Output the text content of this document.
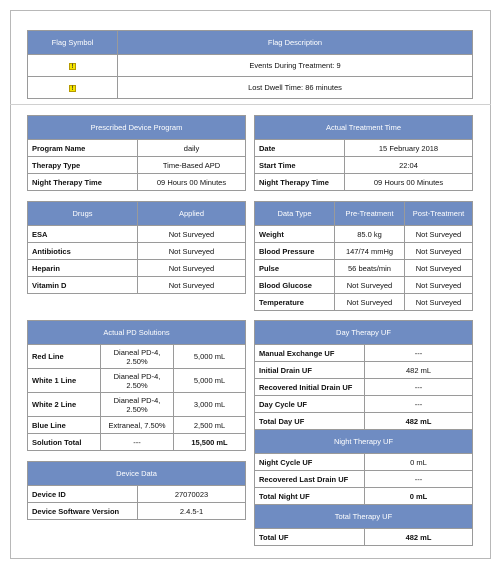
Flag Symbol	Flag Description
!	Events During Treatment: 9
!	Lost Dwell Time: 86 minutes
Prescribed Device Program	
Program Name	daily
Therapy Type	Time-Based APD
Night Therapy Time	09 Hours 00 Minutes
Actual Treatment Time	
Date	15 February 2018
Start Time	22:04
Night Therapy Time	09 Hours 00 Minutes
Drugs	Applied
ESA	Not Surveyed
Antibiotics	Not Surveyed
Heparin	Not Surveyed
Vitamin D	Not Surveyed
Data Type	Pre-Treatment	Post-Treatment
Weight	85.0 kg	Not Surveyed
Blood Pressure	147/74 mmHg	Not Surveyed
Pulse	56 beats/min	Not Surveyed
Blood Glucose	Not Surveyed	Not Surveyed
Temperature	Not Surveyed	Not Surveyed
Actual PD Solutions		
Red Line	Dianeal PD-4, 2.50%	5,000 mL
White 1 Line	Dianeal PD-4, 2.50%	5,000 mL
White 2 Line	Dianeal PD-4, 2.50%	3,000 mL
Blue Line	Extraneal, 7.50%	2,500 mL
Solution Total	---	15,500 mL
Device Data	
Device ID	27070023
Device Software Version	2.4.5-1
Day Therapy UF	
Manual Exchange UF	---
Initial Drain UF	482 mL
Recovered Initial Drain UF	---
Day Cycle UF	---
Total Day UF	482 mL
Night Therapy UF	
Night Cycle UF	0 mL
Recovered Last Drain UF	---
Total Night UF	0 mL
Total Therapy UF	
Total UF	482 mL
